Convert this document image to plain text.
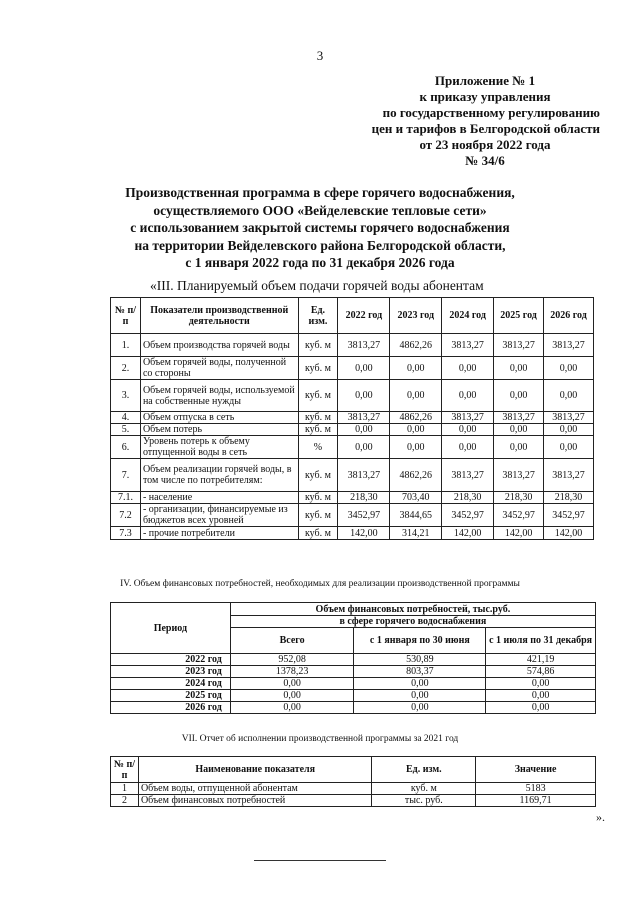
3
Приложение № 1
к приказу управления
по государственному регулированию
цен и тарифов в Белгородской области
от 23 ноября 2022 года
№ 34/6
Производственная программа в сфере горячего водоснабжения,
осуществляемого ООО «Вейделевские тепловые сети»
с использованием закрытой системы горячего водоснабжения
на территории Вейделевского района Белгородской области,
с 1 января 2022 года по 31 декабря 2026 года
«III. Планируемый объем подачи горячей воды абонентам
№ п/п	Показатели производственной деятельности	Ед. изм.	2022 год	2023 год	2024 год	2025 год	2026 год
1.	Объем производства горячей воды	куб. м	3813,27	4862,26	3813,27	3813,27	3813,27
2.	Объем горячей воды, полученной со стороны	куб. м	0,00	0,00	0,00	0,00	0,00
3.	Объем горячей воды, используемой на собственные нужды	куб. м	0,00	0,00	0,00	0,00	0,00
4.	Объем отпуска в сеть	куб. м	3813,27	4862,26	3813,27	3813,27	3813,27
5.	Объем потерь	куб. м	0,00	0,00	0,00	0,00	0,00
6.	Уровень потерь к объему отпущенной воды в сеть	%	0,00	0,00	0,00	0,00	0,00
7.	Объем реализации горячей воды, в том числе по потребителям:	куб. м	3813,27	4862,26	3813,27	3813,27	3813,27
7.1.	- население	куб. м	218,30	703,40	218,30	218,30	218,30
7.2	- организации, финансируемые из бюджетов всех уровней	куб. м	3452,97	3844,65	3452,97	3452,97	3452,97
7.3	- прочие потребители	куб. м	142,00	314,21	142,00	142,00	142,00
IV. Объем финансовых потребностей, необходимых для реализации производственной программы
Период	Объем финансовых потребностей, тыс.руб.		
	в сфере горячего водоснабжения		
	Всего	с 1 января по 30 июня	с 1 июля по 31 декабря
2022 год	952,08	530,89	421,19
2023 год	1378,23	803,37	574,86
2024 год	0,00	0,00	0,00
2025 год	0,00	0,00	0,00
2026 год	0,00	0,00	0,00
VII. Отчет об исполнении производственной программы за 2021 год
№ п/п	Наименование показателя	Ед. изм.	Значение
1	Объем воды, отпущенной абонентам	куб. м	5183
2	Объем финансовых потребностей	тыс. руб.	1169,71
».
